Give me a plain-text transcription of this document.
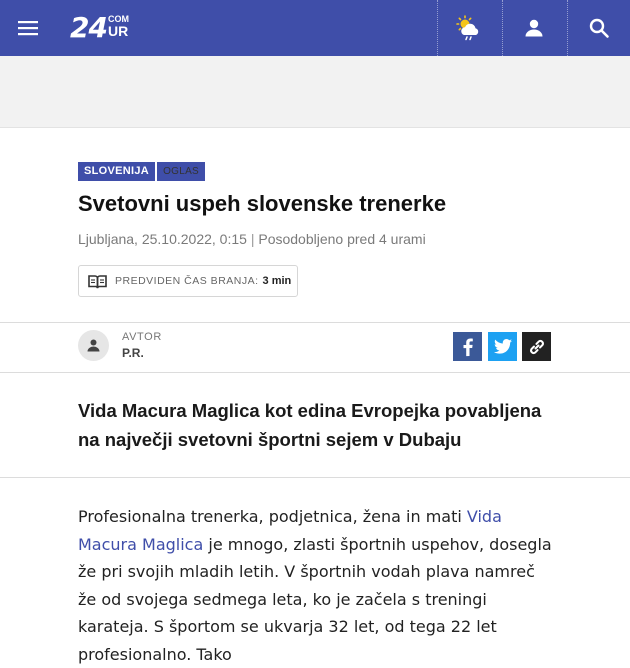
24 COM
UR
SLOVENIJA	OGLAS
Svetovni uspeh slovenske trenerke
Ljubljana, 25.10.2022, 0:15 | Posodobljeno pred 4 urami
PREDVIDEN ČAS BRANJA: 3 min
AVTOR
P.R.

Vida Macura Maglica kot edina Evropejka povabljena na največji svetovni športni sejem v Dubaju

Profesionalna trenerka, podjetnica, žena in mati Vida Macura Maglica je mnogo, zlasti športnih uspehov, dosegla že pri svojih mladih letih. V športnih vodah plava namreč že od svojega sedmega leta, ko je začela s treningi karateja. S športom se ukvarja 32 let, od tega 22 let profesionalno. Tako
